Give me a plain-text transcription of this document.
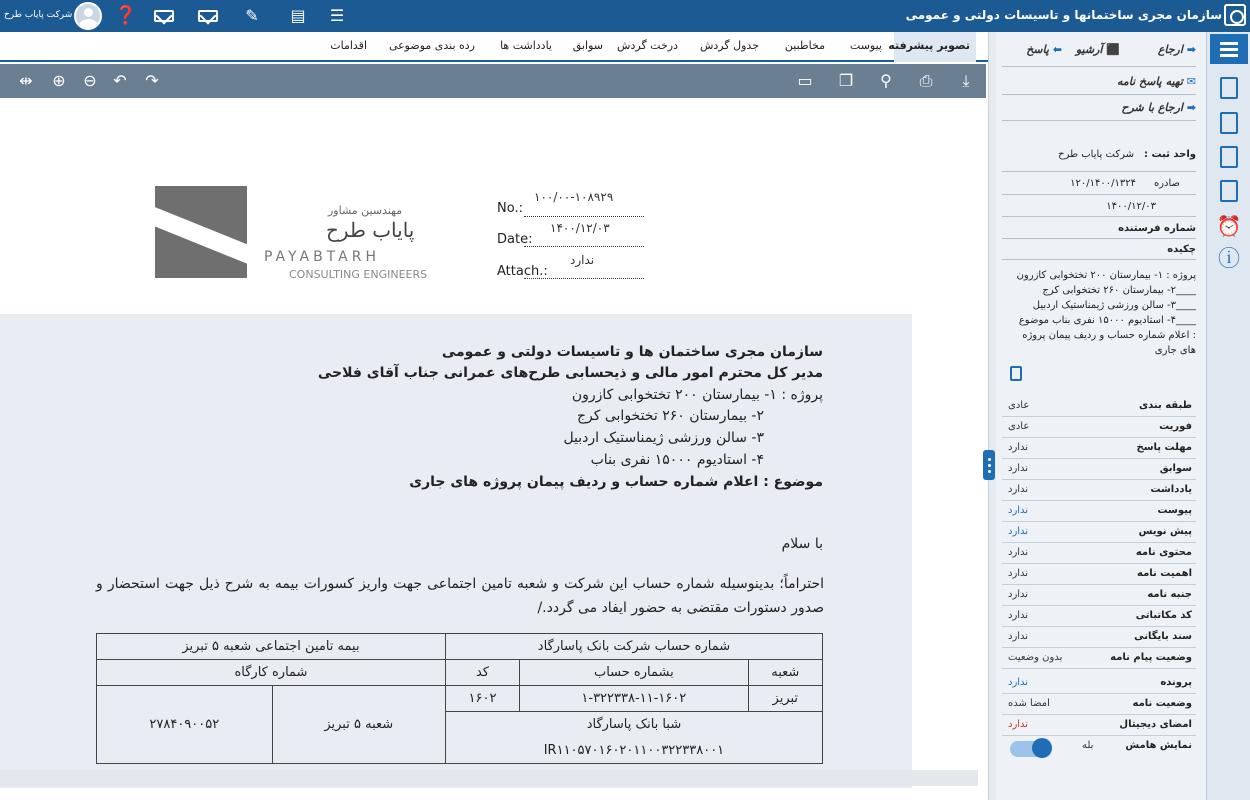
سازمان مجری ساختمانها و تاسیسات دولتی و عمومی
شرکت پایاب طرح ❓	✎	▤	☰
تصویر پیشرفته
پیوست
مخاطبین
جدول گردش
درخت گردش
سوابق
یادداشت ها
رده بندی موضوعی
اقدامات
⇹ ⊕ ⊖ ↶ ↷	▭ ❐	⚲	⎙	⤓
مهندسین مشاور
پایاب طرح
PAYABTARH
CONSULTING ENGINEERS
No.:
۱۰۰/۰۰-۱۰۸۹۲۹
Date:
۱۴۰۰/۱۲/۰۳
Attach.:
ندارد
سازمان مجری ساختمان ها و تاسیسات دولتی و عمومی
مدیر کل محترم امور مالی و ذیحسابی طرح‌های عمرانی جناب آقای فلاحی
پروژه : ۱- بیمارستان ۲۰۰ تختخوابی کازرون
۲- بیمارستان ۲۶۰ تختخوابی کرج
۳- سالن ورزشی ژیمناستیک اردبیل
۴- استادیوم ۱۵۰۰۰ نفری بناب
موضوع : اعلام شماره حساب و ردیف پیمان پروژه های جاری
با سلام
احتراماً؛ بدینوسیله شماره حساب این شرکت و شعبه تامین اجتماعی جهت واریز کسورات بیمه به شرح ذیل جهت استحضار و صدور دستورات مقتضی به حضور ایفاد می گردد./
شماره حساب شرکت بانک پاسارگاد			بیمه تامین اجتماعی شعبه ۵ تبریز	
شعبه	بشماره حساب	کد	شماره کارگاه	
تبریز	۱-۳۲۲۳۳۸-۱۱-۱۶۰۲	۱۶۰۲	شعبه ۵ تبریز	۲۷۸۴۰۹۰۰۵۲
شبا بانک پاسارگاد				
IR۱۱۰۵۷۰۱۶۰۲۰۱۱۰۰۳۲۲۳۳۸۰۰۱				
➡ ارجاع
⬛ آرشیو
⬅ پاسخ
✉ تهیه پاسخ نامه
➡ ارجاع با شرح
واحد ثبت :
شرکت پایاب طرح
صادره
۱۲۰/۱۴۰۰/۱۳۲۴
۱۴۰۰/۱۲/۰۳
شماره فرستنده
چکیده
پروژه : ۱- بیمارستان ۲۰۰ تختخوابی کازرون ____۲- بیمارستان ۲۶۰ تختخوابی کرج ____۳- سالن ورزشی ژیمناستیک اردبیل ____۴- استادیوم ۱۵۰۰۰ نفری بناب موضوع : اعلام شماره حساب و ردیف پیمان پروژه های جاری
طبقه بندی
عادی
فوریت
عادی
مهلت پاسخ
ندارد
سوابق
ندارد
یادداشت
ندارد
پیوست
ندارد
پیش نویس
ندارد
محتوی نامه
ندارد
اهمیت نامه
ندارد
جنبه نامه
ندارد
کد مکاتباتی
ندارد
سند بایگانی
ندارد
وضعیت پیام نامه
بدون وضعیت
پرونده
ندارد
وضعیت نامه
امضا شده
امضای دیجیتال
ندارد
نمایش هامش
بله
⏰
ⓘ
